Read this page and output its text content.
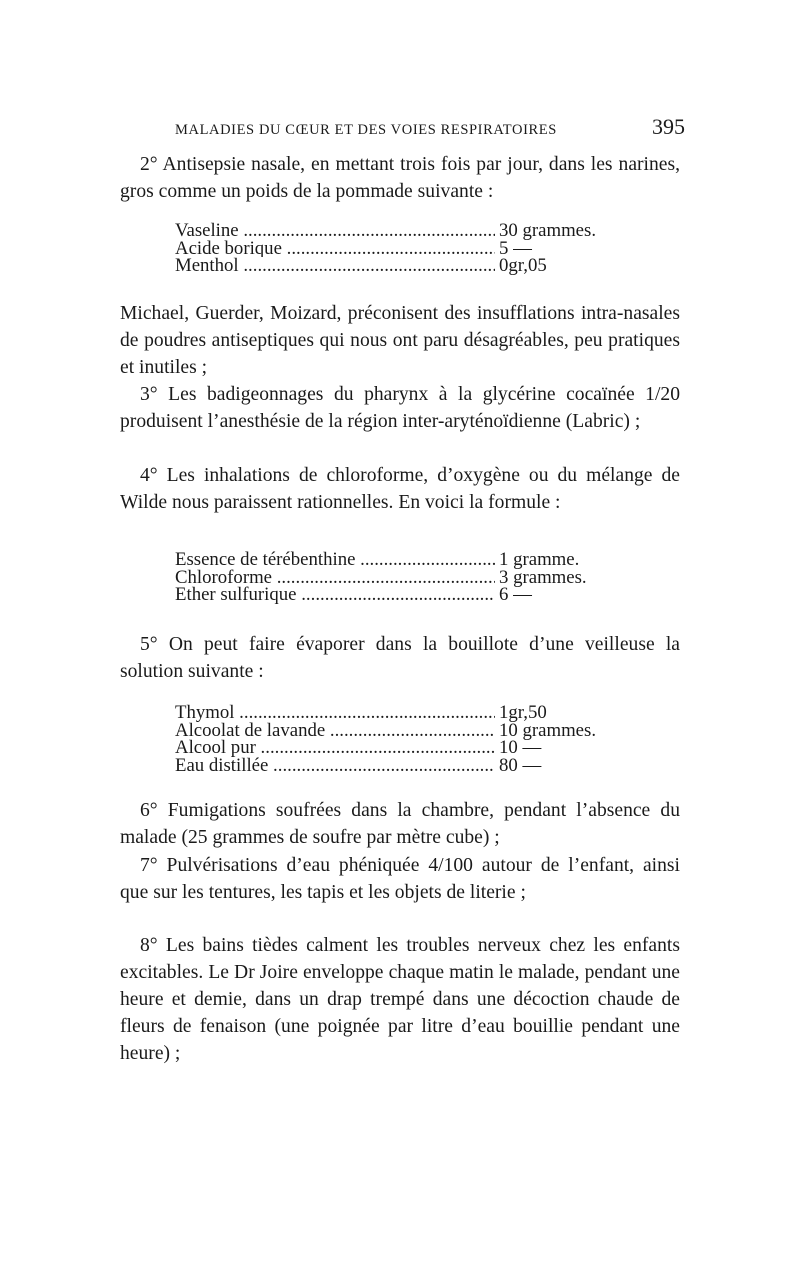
MALADIES DU CŒUR ET DES VOIES RESPIRATOIRES	395

2° Antisepsie nasale, en mettant trois fois par jour, dans les narines, gros comme un poids de la pommade suivante :

Vaseline .....	30 grammes.
Acide borique .....	5 —
Menthol .....	0gr,05

Michael, Guerder, Moizard, préconisent des insufflations intra-nasales de poudres antiseptiques qui nous ont paru désagréables, peu pratiques et inutiles ;

3° Les badigeonnages du pharynx à la glycérine cocaïnée 1/20 produisent l’anesthésie de la région inter-aryténoïdienne (Labric) ;

4° Les inhalations de chloroforme, d’oxygène ou du mélange de Wilde nous paraissent rationnelles. En voici la formule :

Essence de térébenthine .....	1 gramme.
Chloroforme .....	3 grammes.
Ether sulfurique .....	6 —

5° On peut faire évaporer dans la bouillote d’une veilleuse la solution suivante :

Thymol .....	1gr,50
Alcoolat de lavande .....	10 grammes.
Alcool pur .....	10 —
Eau distillée .....	80 —

6° Fumigations soufrées dans la chambre, pendant l’absence du malade (25 grammes de soufre par mètre cube) ;

7° Pulvérisations d’eau phéniquée 4/100 autour de l’enfant, ainsi que sur les tentures, les tapis et les objets de literie ;

8° Les bains tièdes calment les troubles nerveux chez les enfants excitables. Le Dr Joire enveloppe chaque matin le malade, pendant une heure et demie, dans un drap trempé dans une décoction chaude de fleurs de fenaison (une poignée par litre d’eau bouillie pendant une heure) ;
